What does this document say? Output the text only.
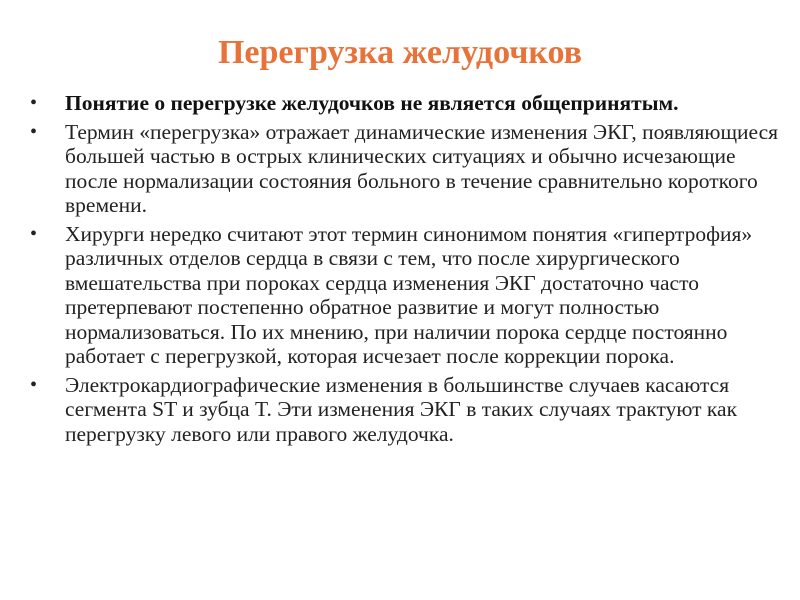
Перегрузка желудочков
•	Понятие о перегрузке желудочков не является общепринятым.
•	Термин «перегрузка» отражает динамические изменения ЭКГ, появляющиеся большей частью в острых клинических ситуациях и обычно исчезающие после нормализации состояния больного в течение сравнительно короткого времени.
•	Хирурги нередко считают этот термин синонимом понятия «гипертрофия» различных отделов сердца в связи с тем, что после хирургического вмешательства при пороках сердца изменения ЭКГ достаточно часто претерпевают постепенно обратное развитие и могут полностью нормализоваться. По их мнению, при наличии порока сердце постоянно работает с перегрузкой, которая исчезает после коррекции порока.
•	Электрокардиографические изменения в большинстве случаев касаются сегмента ST и зубца T. Эти изменения ЭКГ в таких случаях трактуют как перегрузку левого или правого желудочка.
